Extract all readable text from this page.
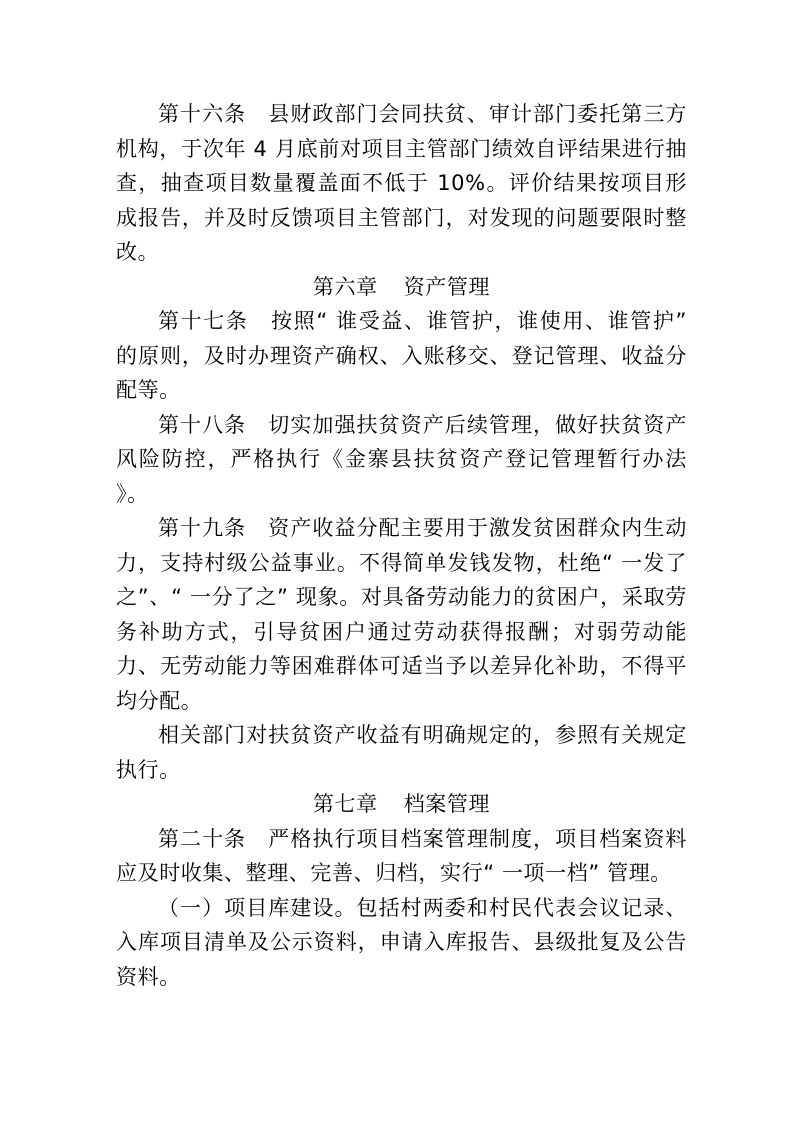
第十六条　县财政部门会同扶贫、审计部门委托第三方机构，于次年 4 月底前对项目主管部门绩效自评结果进行抽查，抽查项目数量覆盖面不低于 10%。评价结果按项目形成报告，并及时反馈项目主管部门，对发现的问题要限时整改。

第六章 资产管理

第十七条　按照“ 谁受益、谁管护，谁使用、谁管护” 的原则，及时办理资产确权、入账移交、登记管理、收益分配等。

第十八条　切实加强扶贫资产后续管理，做好扶贫资产风险防控，严格执行《金寨县扶贫资产登记管理暂行办法 》。

第十九条　资产收益分配主要用于激发贫困群众内生动力，支持村级公益事业。不得简单发钱发物，杜绝“ 一发了之”、“ 一分了之” 现象。对具备劳动能力的贫困户，采取劳务补助方式，引导贫困户通过劳动获得报酬；对弱劳动能力、无劳动能力等困难群体可适当予以差异化补助，不得平均分配。

相关部门对扶贫资产收益有明确规定的，参照有关规定执行。

第七章 档案管理

第二十条　严格执行项目档案管理制度，项目档案资料应及时收集、整理、完善、归档，实行“ 一项一档” 管理。

（一）项目库建设。包括村两委和村民代表会议记录、入库项目清单及公示资料，申请入库报告、县级批复及公告资料。
